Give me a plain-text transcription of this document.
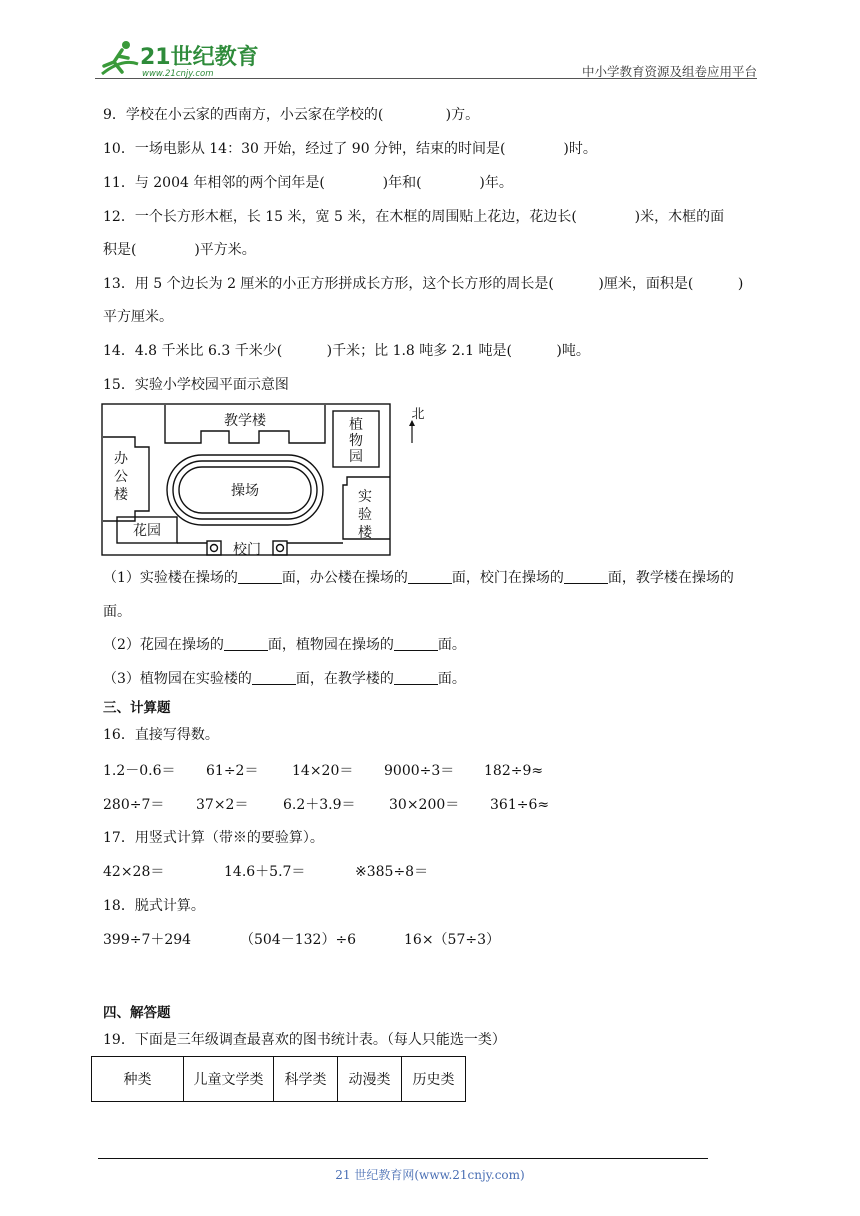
21世纪教育
www.21cnjy.com	中小学教育资源及组卷应用平台
9．学校在小云家的西南方，小云家在学校的(              )方。
10．一场电影从 14：30 开始，经过了 90 分钟，结束的时间是(             )时。
11．与 2004 年相邻的两个闰年是(             )年和(             )年。
12．一个长方形木框，长 15 米，宽 5 米，在木框的周围贴上花边，花边长(             )米，木框的面
积是(             )平方米。
13．用 5 个边长为 2 厘米的小正方形拼成长方形，这个长方形的周长是(          )厘米，面积是(          )
平方厘米。
14．4.8 千米比 6.3 千米少(          )千米；比 1.8 吨多 2.1 吨是(          )吨。
15．实验小学校园平面示意图
教学楼	植
物
园
办
公
楼	操场	实
验
楼
花园
校门
北
（1）实验楼在操场的	面，办公楼在操场的	面，校门在操场的	面，教学楼在操场的
面。
（2）花园在操场的	面，植物园在操场的	面。
（3）植物园在实验楼的	面，在教学楼的	面。
三、计算题
16．直接写得数。
1.2－0.6＝ 61÷2＝ 14×20＝ 9000÷3＝ 182÷9≈
280÷7＝ 37×2＝ 6.2＋3.9＝ 30×200＝ 361÷6≈
17．用竖式计算（带※的要验算）。
42×28＝	14.6＋5.7＝	※385÷8＝
18．脱式计算。
399÷7＋294	（504－132）÷6	16×（57÷3）
四、解答题
19．下面是三年级调查最喜欢的图书统计表。（每人只能选一类）
种类	儿童文学类	科学类	动漫类	历史类
21 世纪教育网(www.21cnjy.com)
